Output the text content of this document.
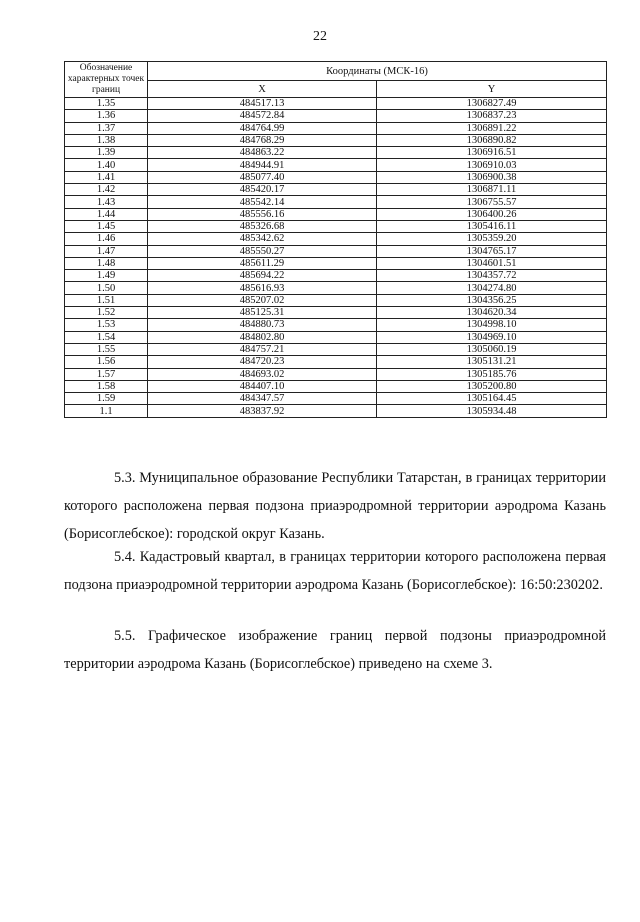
22
Обозначение характерных точек границ	Координаты (МСК-16)	
	X	Y
1.35	484517.13	1306827.49
1.36	484572.84	1306837.23
1.37	484764.99	1306891.22
1.38	484768.29	1306890.82
1.39	484863.22	1306916.51
1.40	484944.91	1306910.03
1.41	485077.40	1306900.38
1.42	485420.17	1306871.11
1.43	485542.14	1306755.57
1.44	485556.16	1306400.26
1.45	485326.68	1305416.11
1.46	485342.62	1305359.20
1.47	485550.27	1304765.17
1.48	485611.29	1304601.51
1.49	485694.22	1304357.72
1.50	485616.93	1304274.80
1.51	485207.02	1304356.25
1.52	485125.31	1304620.34
1.53	484880.73	1304998.10
1.54	484802.80	1304969.10
1.55	484757.21	1305060.19
1.56	484720.23	1305131.21
1.57	484693.02	1305185.76
1.58	484407.10	1305200.80
1.59	484347.57	1305164.45
1.1	483837.92	1305934.48

5.3. Муниципальное образование Республики Татарстан, в границах территории которого расположена первая подзона приаэродромной территории аэродрома Казань (Борисоглебское): городской округ Казань.

5.4. Кадастровый квартал, в границах территории которого расположена первая подзона приаэродромной территории аэродрома Казань (Борисоглебское): 16:50:230202.

5.5. Графическое изображение границ первой подзоны приаэродромной территории аэродрома Казань (Борисоглебское) приведено на схеме 3.
